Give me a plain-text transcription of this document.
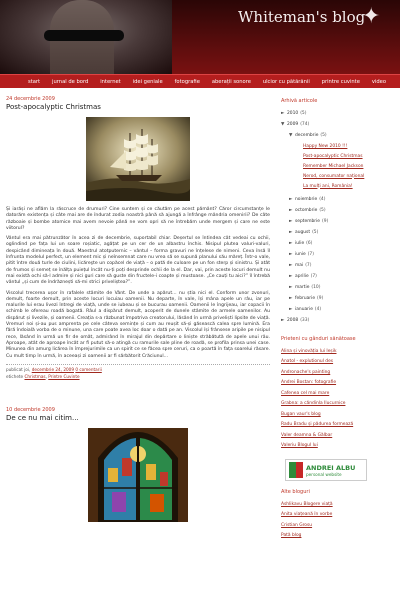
Whiteman's blog
✦
start jurnal de bord internet idei geniale fotografie aberații sonore ulcior cu pătărănii printre cuvinte video
24 decembrie 2009
Post-apocalyptic Christmas

Și iarăși ne aflăm la răscruce de drumuri? Cine suntem și ce căutăm pe acest pământ? Căror circumstanțe le datorăm existența și câte mai are de îndurat zodia noastră până să ajungă a înfrânge mândria omenirii? De câte războaie și bombe atomice mai avem nevoie până ne vom opri să ne întrebăm unde mergem și care ne este viitorul?

Vântul era mai pătrunzător în acea zi de decembrie, suportabil chiar. Deșertul se întindea cât vedeai cu ochii, oglindind pe fața lui un soare roșiatic, agățat pe un cer de un albastru închis. Nisipul plutea valuri-valuri, despicând dimineața în două. Maestrul atotputernic – vântul – forma gravuri ne înțelese de nimeni. Ceva însă îl înfrunta modelul perfect, un element mic și neînsemnat care nu vrea să se supună planului său măreț. Într-o vale, pitit între două turle de ciulini, licăreşte un copăcel de viață – o pată de culoare pe un fon sterp și sinistru. Și atât de frumos și semeț se înălța puiețul încât nu-ți poți desprinde ochii de la el. Dar, vai, prin aceste locuri demult nu mai există ochi să-l admire și nici guri care să guste din fructele-i coapte și mustoase. „Ce cauți tu aici?” îl întrebă vântul „și cum de îndrăznești să-mi strici priveliștea?”.

Viscolul trecerea ușor în rafalele stâmite de Vânt. De unde a apărut... nu știa nici el. Conform unor zvonuri, demult, foarte demult, prin aceste locuri locuiau oamenii. Nu departe, în vale, își mâna apele un râu, iar pe malurile lui erau livezi întregi de viață, unde se iubeau și se bucurau oamenii. Oamenii le îngrijeau, iar copacii în schimb le ofereau roadă bogată. Râul a dispărut demult, acoperit de dunele stâmite de armele oamenilor. Au dispărut și livezile, și oamenii. Creația s-a răzbunat împotriva creatorului, lăsând în urmă priveliști lipsite de viață. Vremuri noi și-au pus amprenta pe cele câteva semințe și cum au reușit să-și găsească calea spre lumină. Era fără îndoială vorba de o minune, una care poate avea loc doar o dată pe an. Viscolul își frânsese aripile pe nisipul rece, lăsând în urmă un fir de omăt, admirând în mirajul din depărtare o liniște străbătută de apele unui râu. Aproape, atât de aproape încât ar fi putut să-o atingă cu ramurile sale pline de roadă, se profila prinsa unei case. Minunea din amurg licărea în împrejurimile ca un spirit ce se făcea spre ceruri, ca o poartă în fața soarelui răsare. Cu mult timp în urmă, în aceeași zi oamenii ar fi sărbătorit Crăciunul...

publicat joi, decembrie 24, 2009 0 comentarii
etichete Christmas, Printre Cuvinte
10 decembrie 2009
De ce nu mai citim...
Arhivă articole
► 2010 (5)
▼ 2009 (74)
▼ decembrie (5)
Happy New 2010 !!!
Post-apocalyptic Christmas
Remember Michael Jackson
Nerod, consumator național
La mulți ani, România!
► noiembrie (4)
► octombrie (5)
► septembrie (9)
► august (5)
► iulie (6)
► iunie (7)
► mai (7)
► aprilie (7)
► martie (10)
► februarie (9)
► ianuarie (4)
► 2008 (33)
Prieteni cu gânduri sănătoase
Alina și vinovăția lui Ieșik
Anatol - explutionul des
Andronache's painting
Andrei Bostan: fotografie
Cafenea cel mai mare
Grabna: a căndinla Ilucurnice
Bugan vaur's blog
Radu Bradu și pădurea formează
Valer deamna & Gălbar
Valeriu Blogul lui
ANDREI ALBU
personal website
Alte bloguri
Ashlikavu Blogere viață
Anita viațeană în vorbe
Cristian Grosu
Pată blog
